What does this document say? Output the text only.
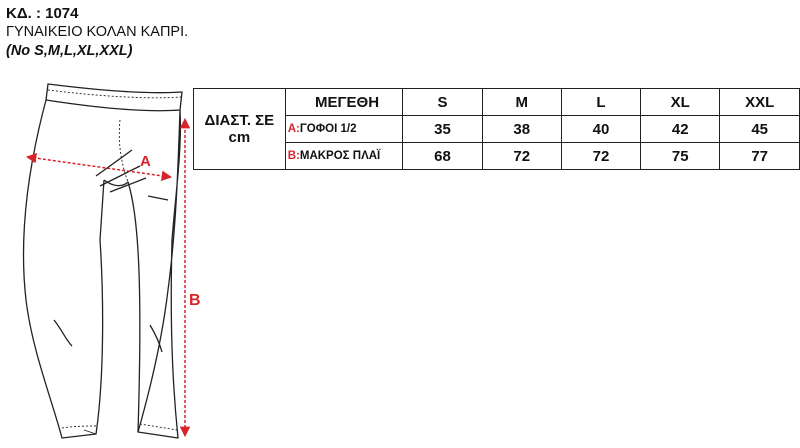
ΚΔ. : 1074
ΓΥΝΑΙΚΕΙΟ ΚΟΛΑΝ ΚΑΠΡΙ.
(No S,M,L,XL,XXL)
A
B
ΔΙΑΣΤ. ΣΕ cm	ΜΕΓΕΘΗ	S	M	L	XL	XXL
	A:ΓΟΦΟΙ 1/2	35	38	40	42	45
	B:ΜΑΚΡΟΣ ΠΛΑΪ	68	72	72	75	77
